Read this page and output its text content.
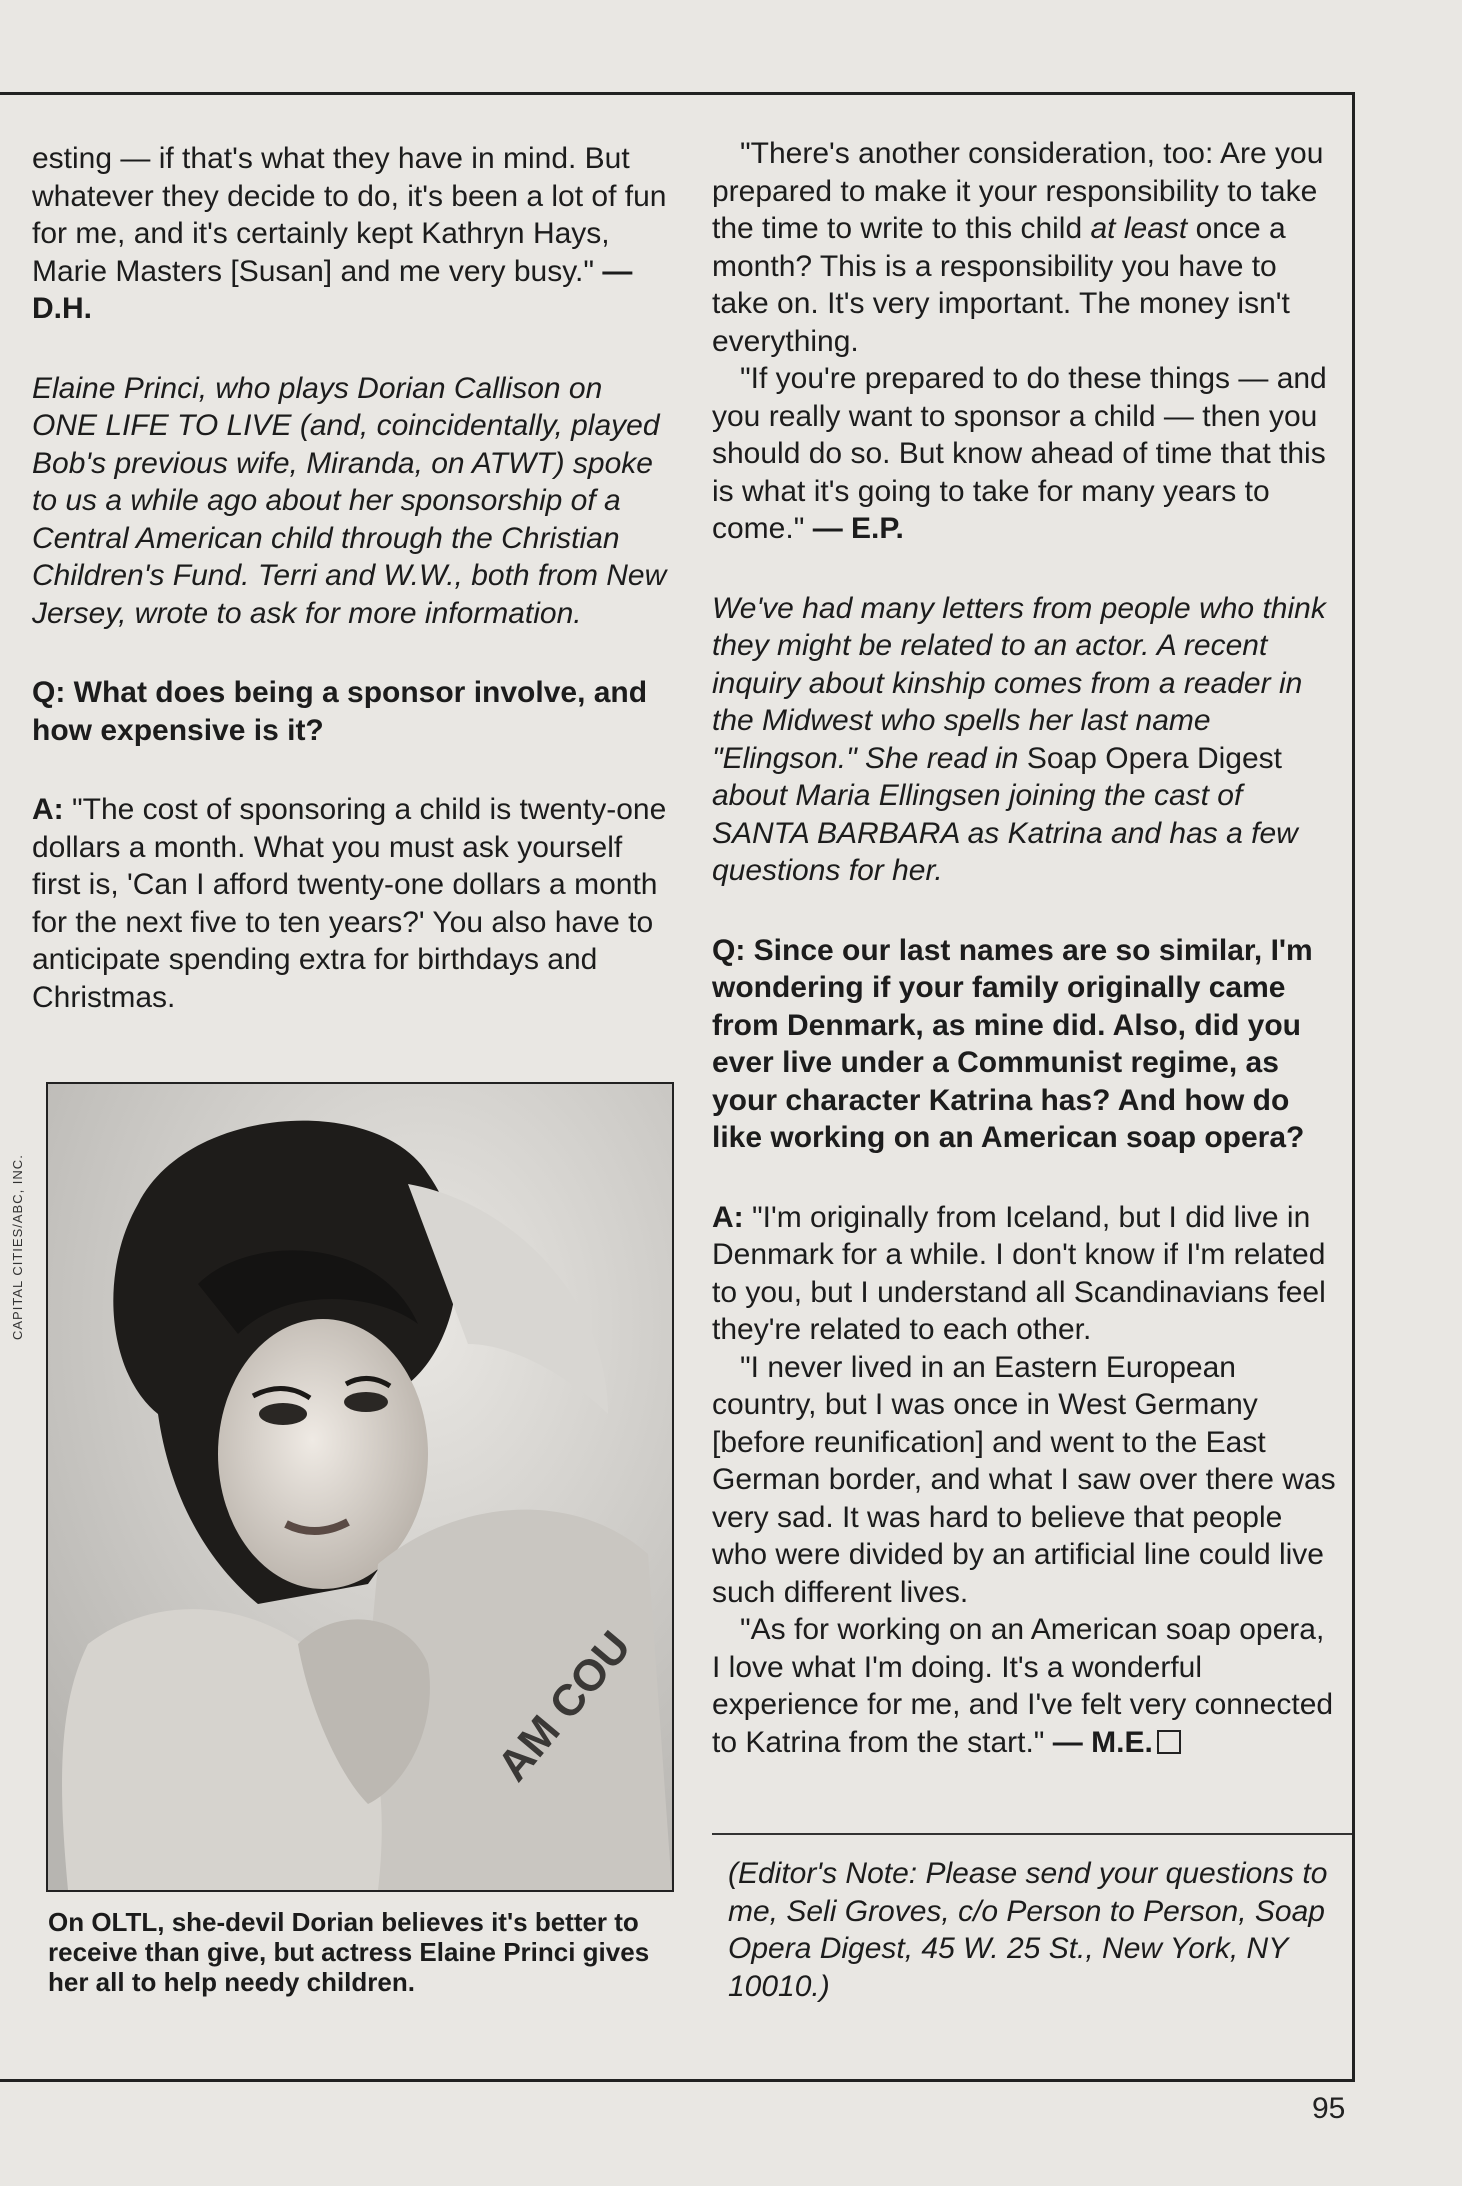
esting — if that's what they have in mind. But whatever they decide to do, it's been a lot of fun for me, and it's certainly kept Kathryn Hays, Marie Masters [Susan] and me very busy." — D.H.

Elaine Princi, who plays Dorian Callison on ONE LIFE TO LIVE (and, coincidentally, played Bob's previous wife, Miranda, on ATWT) spoke to us a while ago about her sponsorship of a Central American child through the Christian Children's Fund. Terri and W.W., both from New Jersey, wrote to ask for more information.

Q: What does being a sponsor involve, and how expensive is it?

A: "The cost of sponsoring a child is twenty-one dollars a month. What you must ask yourself first is, 'Can I afford twenty-one dollars a month for the next five to ten years?' You also have to anticipate spending extra for birthdays and Christmas.

AM COU
CAPITAL CITIES/ABC, INC.
On OLTL, she-devil Dorian believes it's better to receive than give, but actress Elaine Princi gives her all to help needy children.

"There's another consideration, too: Are you prepared to make it your responsibility to take the time to write to this child at least once a month? This is a responsibility you have to take on. It's very important. The money isn't everything.

"If you're prepared to do these things — and you really want to sponsor a child — then you should do so. But know ahead of time that this is what it's going to take for many years to come." — E.P.

We've had many letters from people who think they might be related to an actor. A recent inquiry about kinship comes from a reader in the Midwest who spells her last name "Elingson." She read in Soap Opera Digest about Maria Ellingsen joining the cast of SANTA BARBARA as Katrina and has a few questions for her.

Q: Since our last names are so similar, I'm wondering if your family originally came from Denmark, as mine did. Also, did you ever live under a Communist regime, as your character Katrina has? And how do like working on an American soap opera?

A: "I'm originally from Iceland, but I did live in Denmark for a while. I don't know if I'm related to you, but I understand all Scandinavians feel they're related to each other.

"I never lived in an Eastern European country, but I was once in West Germany [before reunification] and went to the East German border, and what I saw over there was very sad. It was hard to believe that people who were divided by an artificial line could live such different lives.

"As for working on an American soap opera, I love what I'm doing. It's a wonderful experience for me, and I've felt very connected to Katrina from the start." — M.E.

(Editor's Note: Please send your questions to me, Seli Groves, c/o Person to Person, Soap Opera Digest, 45 W. 25 St., New York, NY 10010.)
95
